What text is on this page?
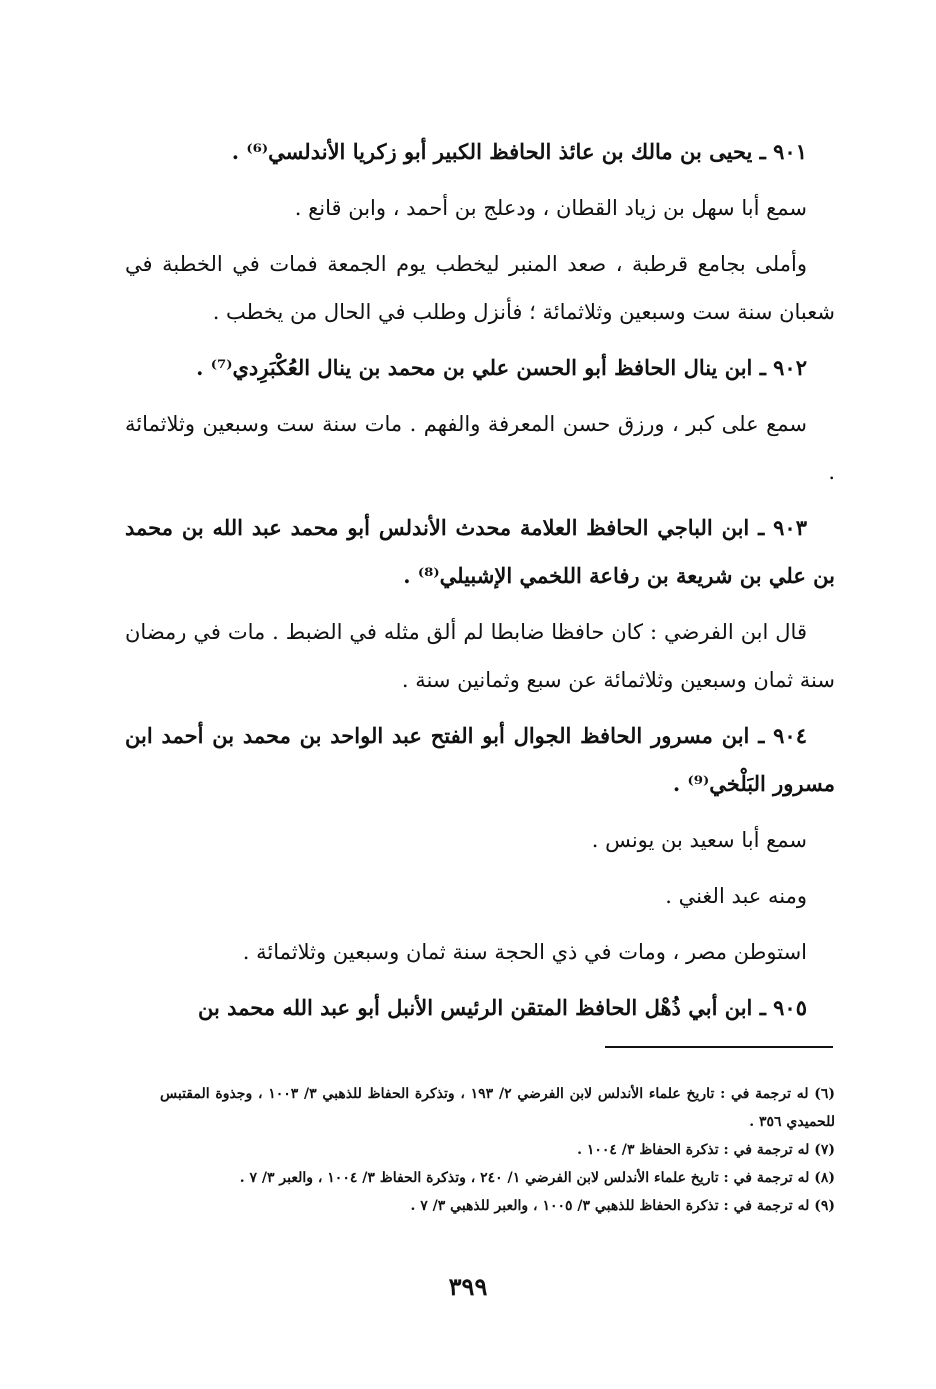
٩٠١ ـ يحيى بن مالك بن عائذ الحافظ الكبير أبو زكريا الأندلسي⁽⁶⁾ .

سمع أبا سهل بن زياد القطان ، ودعلج بن أحمد ، وابن قانع .

وأملى بجامع قرطبة ، صعد المنبر ليخطب يوم الجمعة فمات في الخطبة في شعبان سنة ست وسبعين وثلاثمائة ؛ فأنزل وطلب في الحال من يخطب .

٩٠٢ ـ ابن ينال الحافظ أبو الحسن علي بن محمد بن ينال العُكْبَرِدي⁽⁷⁾ .

سمع على كبر ، ورزق حسن المعرفة والفهم . مات سنة ست وسبعين وثلاثمائة .

٩٠٣ ـ ابن الباجي الحافظ العلامة محدث الأندلس أبو محمد عبد الله بن محمد بن علي بن شريعة بن رفاعة اللخمي الإشبيلي⁽⁸⁾ .

قال ابن الفرضي : كان حافظا ضابطا لم ألق مثله في الضبط . مات في رمضان سنة ثمان وسبعين وثلاثمائة عن سبع وثمانين سنة .

٩٠٤ ـ ابن مسرور الحافظ الجوال أبو الفتح عبد الواحد بن محمد بن أحمد ابن مسرور البَلْخي⁽⁹⁾ .

سمع أبا سعيد بن يونس .

ومنه عبد الغني .

استوطن مصر ، ومات في ذي الحجة سنة ثمان وسبعين وثلاثمائة .

٩٠٥ ـ ابن أبي ذُهْل الحافظ المتقن الرئيس الأنبل أبو عبد الله محمد بن

(٦) له ترجمة في : تاريخ علماء الأندلس لابن الفرضي ٢/ ١٩٣ ، وتذكرة الحفاظ للذهبي ٣/ ١٠٠٣ ، وجذوة المقتبس للحميدي ٣٥٦ .

(٧) له ترجمة في : تذكرة الحفاظ ٣/ ١٠٠٤ .

(٨) له ترجمة في : تاريخ علماء الأندلس لابن الفرضي ١/ ٢٤٠ ، وتذكرة الحفاظ ٣/ ١٠٠٤ ، والعبر ٣/ ٧ .

(٩) له ترجمة في : تذكرة الحفاظ للذهبي ٣/ ١٠٠٥ ، والعبر للذهبي ٣/ ٧ .

٣٩٩
